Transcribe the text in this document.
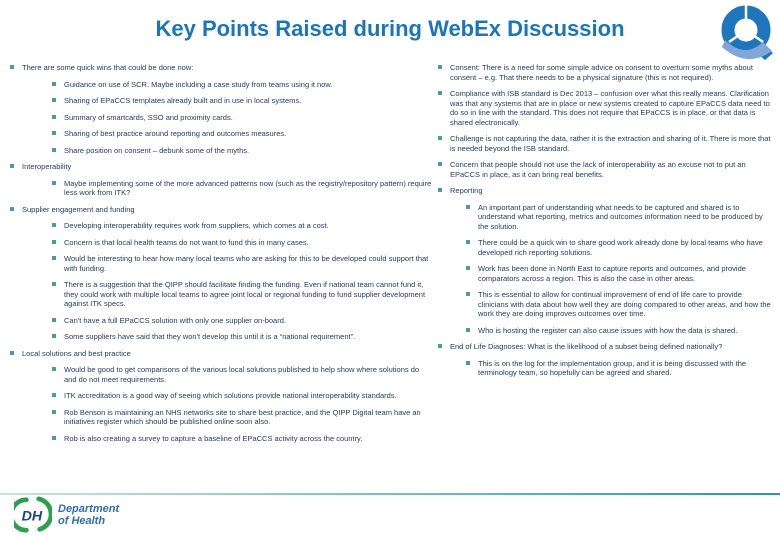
Key Points Raised during WebEx Discussion
There are some quick wins that could be done now:
Guidance on use of SCR. Maybe including a case study from teams using it now.
Sharing of EPaCCS templates already built and in use in local systems.
Summary of smartcards, SSO and proximity cards.
Sharing of best practice around reporting and outcomes measures.
Share position on consent – debunk some of the myths.
Interoperability
Maybe implementing some of the more advanced patterns now (such as the registry/repository pattern) require less work from ITK?
Supplier engagement and funding
Developing interoperability requires work from suppliers, which comes at a cost.
Concern is that local health teams do not want to fund this in many cases.
Would be interesting to hear how many local teams who are asking for this to be developed could support that with funding.
There is a suggestion that the QIPP should facilitate finding the funding. Even if national team cannot fund it, they could work with multiple local teams to agree joint local or regional funding to fund supplier development against ITK specs.
Can't have a full EPaCCS solution with only one supplier on-board.
Some suppliers have said that they won't develop this until it is a “national requirement”.
Local solutions and best practice
Would be good to get comparisons of the various local solutions published to help show where solutions do and do not meet requirements.
ITK accreditation is a good way of seeing which solutions provide national interoperability standards.
Rob Benson is maintaining an NHS networks site to share best practice, and the QIPP Digital team have an initiatives register which should be published online soon also.
Rob is also creating a survey to capture a baseline of EPaCCS activity across the country.
Consent: There is a need for some simple advice on consent to overturn some myths about consent – e.g. That there needs to be a physical signature (this is not required).
Compliance with ISB standard is Dec 2013 – confusion over what this really means. Clarification was that any systems that are in place or new systems created to capture EPaCCS data need to do so in line with the standard. This does not require that EPaCCS is in place, or that data is shared electronically.
Challenge is not capturing the data, rather it is the extraction and sharing of it. There is more that is needed beyond the ISB standard.
Concern that people should not use the lack of interoperability as an excuse not to put an EPaCCS in place, as it can bring real benefits.
Reporting
An important part of understanding what needs to be captured and shared is to understand what reporting, metrics and outcomes information need to be produced by the solution.
There could be a quick win to share good work already done by local teams who have developed rich reporting solutions.
Work has been done in North East to capture reports and outcomes, and provide comparators across a region. This is also the case in other areas.
This is essential to allow for continual improvement of end of life care to provide clinicians with data about how well they are doing compared to other areas, and how the work they are doing improves outcomes over time.
Who is hosting the register can also cause issues with how the data is shared.
End of Life Diagnoses: What is the likelihood of a subset being defined nationally?
This is on the log for the implementation group, and it is being discussed with the terminology team, so hopefully can be agreed and shared.
DH Department
of Health
